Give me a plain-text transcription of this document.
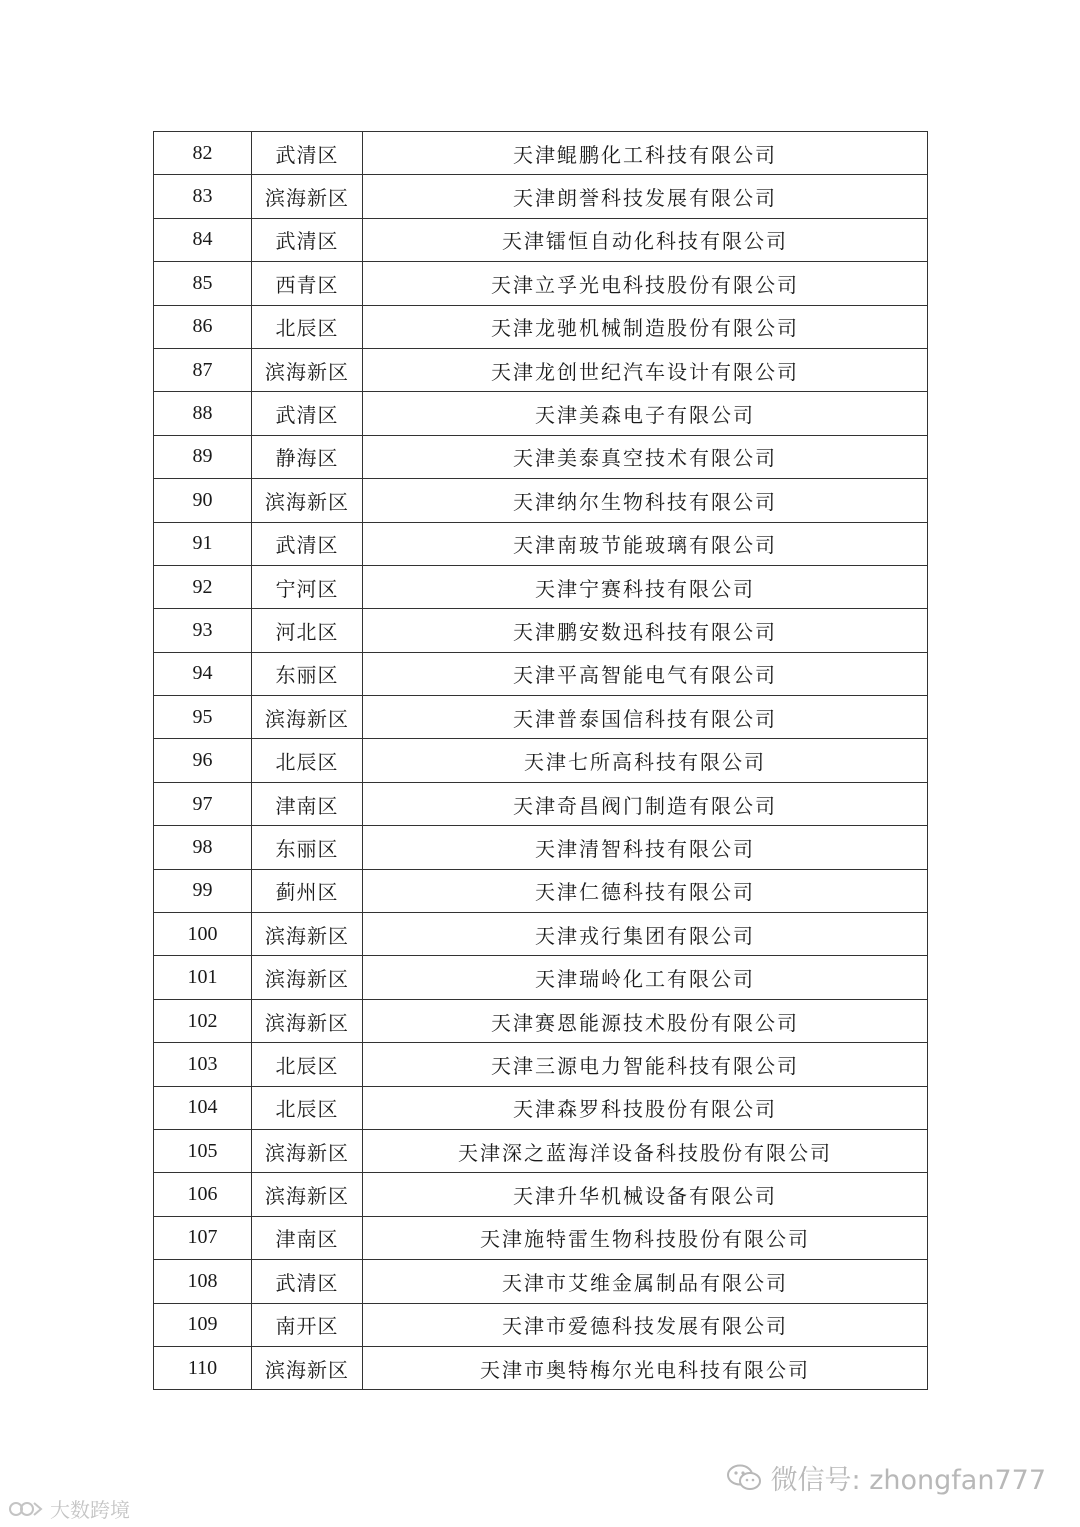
82	武清区	天津鲲鹏化工科技有限公司
83	滨海新区	天津朗誉科技发展有限公司
84	武清区	天津镭恒自动化科技有限公司
85	西青区	天津立孚光电科技股份有限公司
86	北辰区	天津龙驰机械制造股份有限公司
87	滨海新区	天津龙创世纪汽车设计有限公司
88	武清区	天津美森电子有限公司
89	静海区	天津美泰真空技术有限公司
90	滨海新区	天津纳尔生物科技有限公司
91	武清区	天津南玻节能玻璃有限公司
92	宁河区	天津宁赛科技有限公司
93	河北区	天津鹏安数迅科技有限公司
94	东丽区	天津平高智能电气有限公司
95	滨海新区	天津普泰国信科技有限公司
96	北辰区	天津七所高科技有限公司
97	津南区	天津奇昌阀门制造有限公司
98	东丽区	天津清智科技有限公司
99	蓟州区	天津仁德科技有限公司
100	滨海新区	天津戎行集团有限公司
101	滨海新区	天津瑞岭化工有限公司
102	滨海新区	天津赛恩能源技术股份有限公司
103	北辰区	天津三源电力智能科技有限公司
104	北辰区	天津森罗科技股份有限公司
105	滨海新区	天津深之蓝海洋设备科技股份有限公司
106	滨海新区	天津升华机械设备有限公司
107	津南区	天津施特雷生物科技股份有限公司
108	武清区	天津市艾维金属制品有限公司
109	南开区	天津市爱德科技发展有限公司
110	滨海新区	天津市奥特梅尔光电科技有限公司
微信号: zhongfan777
大数跨境
